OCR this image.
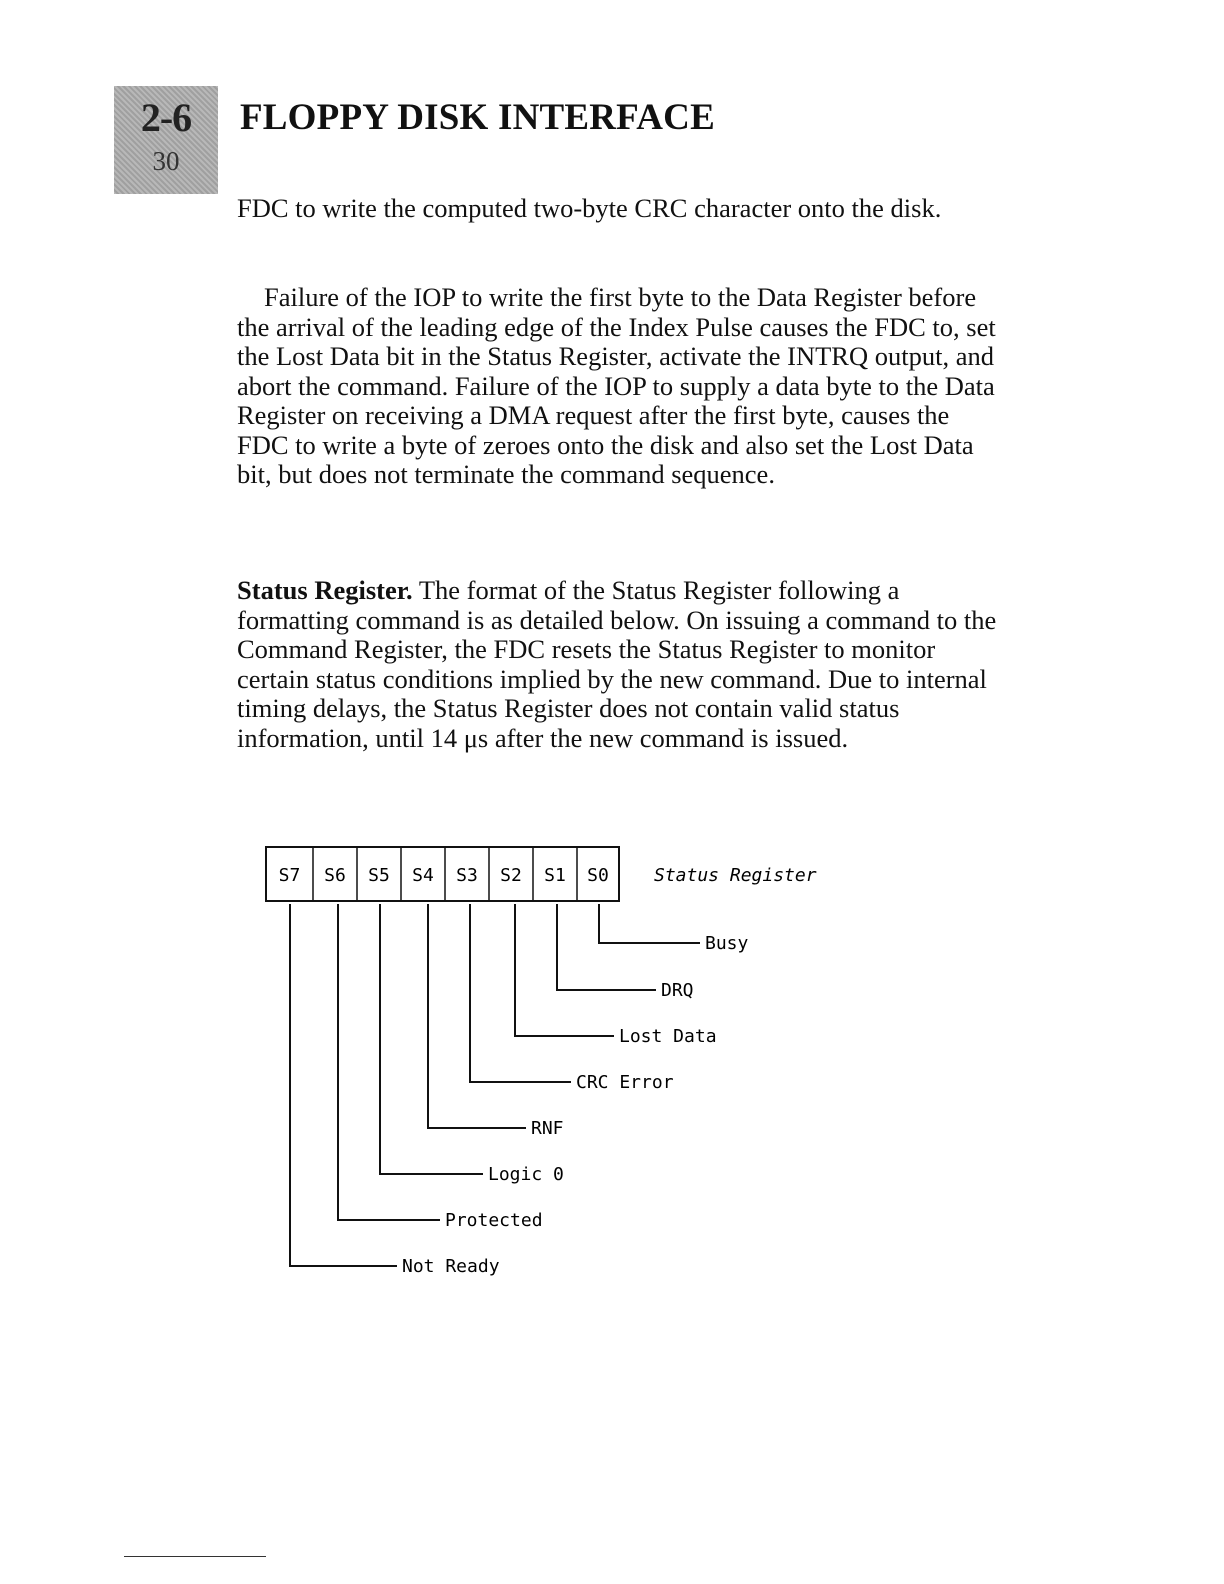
2-6
30
FLOPPY DISK INTERFACE

FDC to write the computed two-byte CRC character onto the disk.

Failure of the IOP to write the first byte to the Data Register before the arrival of the leading edge of the Index Pulse causes the FDC to, set the Lost Data bit in the Status Register, activate the INTRQ output, and abort the command. Failure of the IOP to supply a data byte to the Data Register on receiving a DMA request after the first byte, causes the FDC to write a byte of zeroes onto the disk and also set the Lost Data bit, but does not terminate the command sequence.

Status Register. The format of the Status Register following a formatting command is as detailed below. On issuing a command to the Command Register, the FDC resets the Status Register to monitor certain status conditions implied by the new command. Due to internal timing delays, the Status Register does not contain valid status information, until 14 μs after the new command is issued.

S7 S6 S5 S4 S3 S2 S1 S0
Not Ready
Protected
Logic 0
RNF
CRC Error
Lost Data
DRQ
Busy
Status Register
